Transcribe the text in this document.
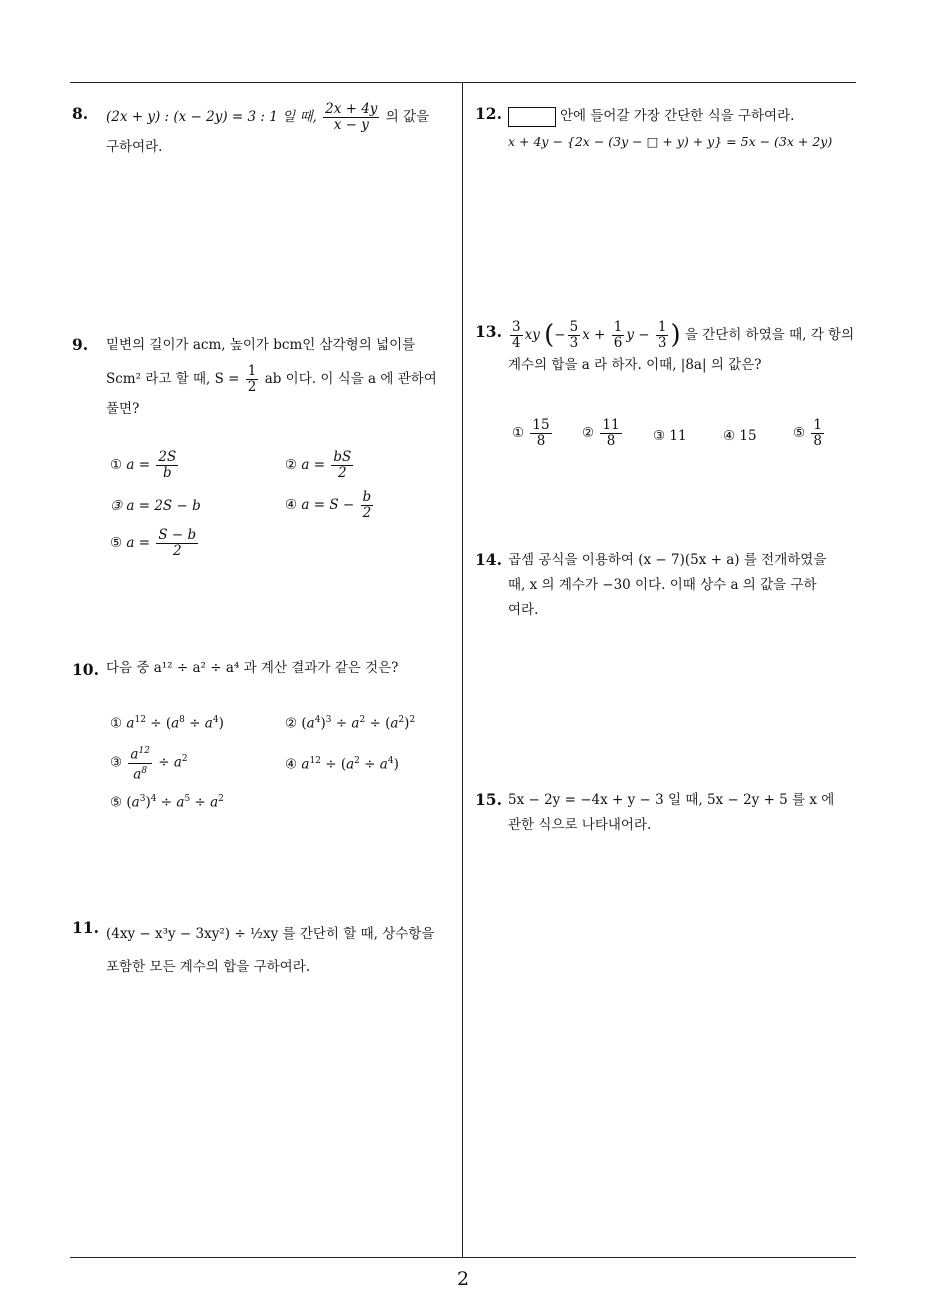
2
8. (2x + y) : (x − 2y) = 3 : 1 일 때, $\frac{2x + 4y}{x - y}$ 의 값을
구하여라.
9. 밑변의 길이가 acm, 높이가 bcm인 삼각형의 넓이를
Scm² 라고 할 때, $S = \frac{1}{2}$ ab 이다. 이 식을 a 에 관하여
풀면?
① $a = \frac{2S}{b}$	② $a = \frac{bS}{2}$
③ a = 2S − b	④ $a = S - \frac{b}{2}$
⑤ $a = \frac{S - b}{2}$
10. 다음 중 a¹² ÷ a² ÷ a⁴ 과 계산 결과가 같은 것은?
① $a^{12} \div (a^8 \div a^4)$	② $(a^4)^3 \div a^2 \div (a^2)^2$
③ $\frac{a^{12}}{a^8} \div a^2$	④ $a^{12} \div (a^2 \div a^4)$
⑤ $(a^3)^4 \div a^5 \div a^2$
11. (4xy − x³y − 3xy²) ÷ ½xy 를 간단히 할 때, 상수항을
포함한 모든 계수의 합을 구하여라.
12.	안에 들어갈 가장 간단한 식을 구하여라.
x + 4y − {2x − (3y − □ + y) + y} = 5x − (3x + 2y)
13. $\frac{3}{4}$ xy (− $\frac{5}{3}$ $x + \frac{1}{6}$ $y - \frac{1}{3}$ ) 을 간단히 하였을 때, 각 항의
계수의 합을 a 라 하자. 이때, |8a| 의 값은?
① $\frac{15}{8}$ ② $\frac{11}{8}$ ③ 11	④ 15	⑤ $\frac{1}{8}$
14. 곱셈 공식을 이용하여 (x − 7)(5x + a) 를 전개하였을
때, x 의 계수가 −30 이다. 이때 상수 a 의 값을 구하
여라.
15. 5x − 2y = −4x + y − 3 일 때, 5x − 2y + 5 를 x 에
관한 식으로 나타내어라.
